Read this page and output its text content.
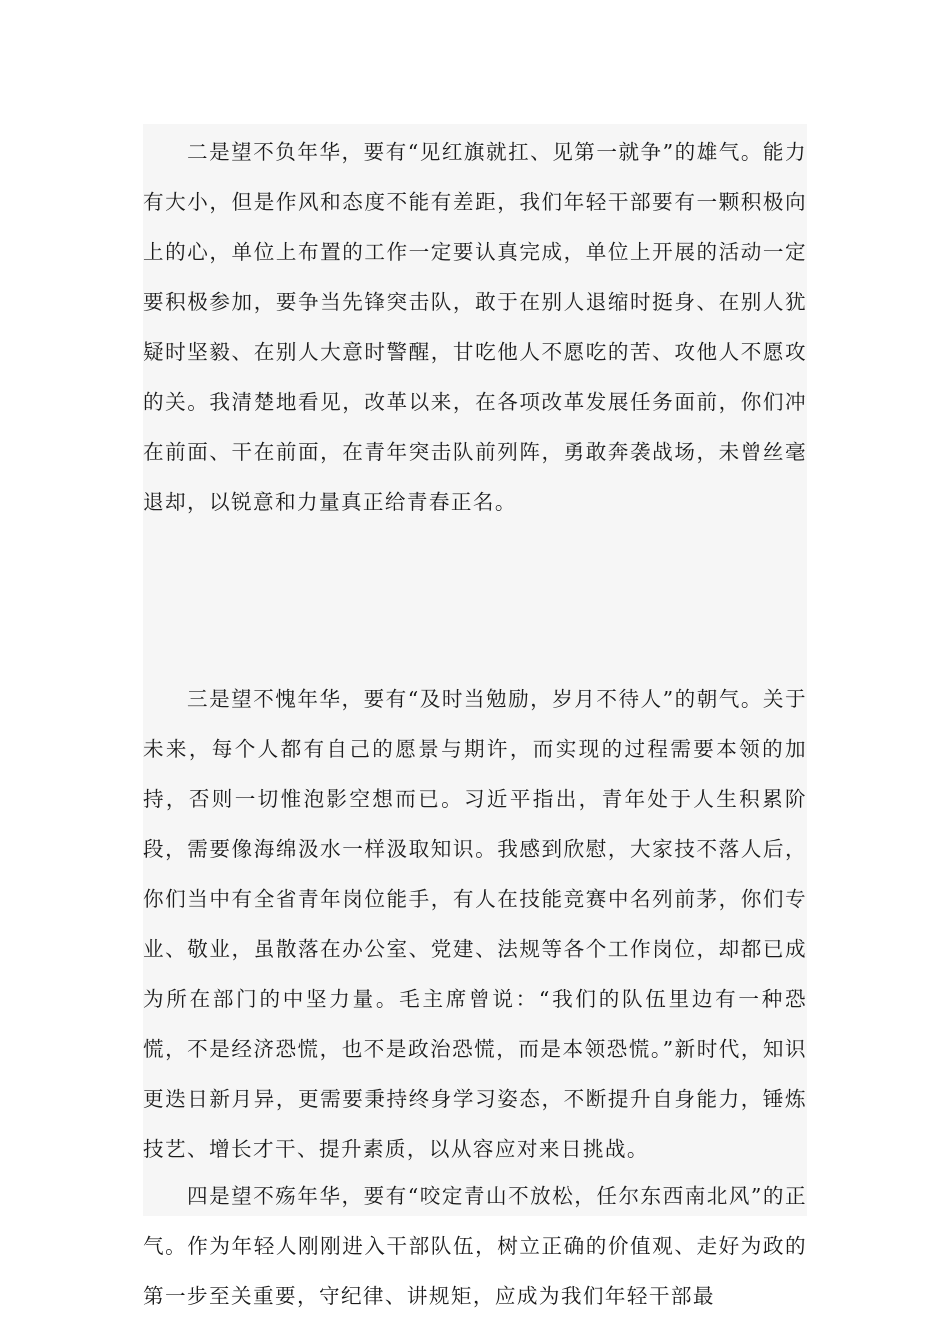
二是望不负年华，要有“见红旗就扛、见第一就争”的雄气。能力有大小，但是作风和态度不能有差距，我们年轻干部要有一颗积极向上的心，单位上布置的工作一定要认真完成，单位上开展的活动一定要积极参加，要争当先锋突击队，敢于在别人退缩时挺身、在别人犹疑时坚毅、在别人大意时警醒，甘吃他人不愿吃的苦、攻他人不愿攻的关。我清楚地看见，改革以来，在各项改革发展任务面前，你们冲在前面、干在前面，在青年突击队前列阵，勇敢奔袭战场，未曾丝毫退却，以锐意和力量真正给青春正名。

三是望不愧年华，要有“及时当勉励，岁月不待人”的朝气。关于未来，每个人都有自己的愿景与期许，而实现的过程需要本领的加持，否则一切惟泡影空想而已。习近平指出，青年处于人生积累阶段，需要像海绵汲水一样汲取知识。我感到欣慰，大家技不落人后，你们当中有全省青年岗位能手，有人在技能竞赛中名列前茅，你们专业、敬业，虽散落在办公室、党建、法规等各个工作岗位，却都已成为所在部门的中坚力量。毛主席曾说：“我们的队伍里边有一种恐慌，不是经济恐慌，也不是政治恐慌，而是本领恐慌。”新时代，知识更迭日新月异，更需要秉持终身学习姿态，不断提升自身能力，锤炼技艺、增长才干、提升素质，以从容应对来日挑战。

四是望不殇年华，要有“咬定青山不放松，任尔东西南北风”的正气。作为年轻人刚刚进入干部队伍，树立正确的价值观、走好为政的第一步至关重要，守纪律、讲规矩，应成为我们年轻干部最
